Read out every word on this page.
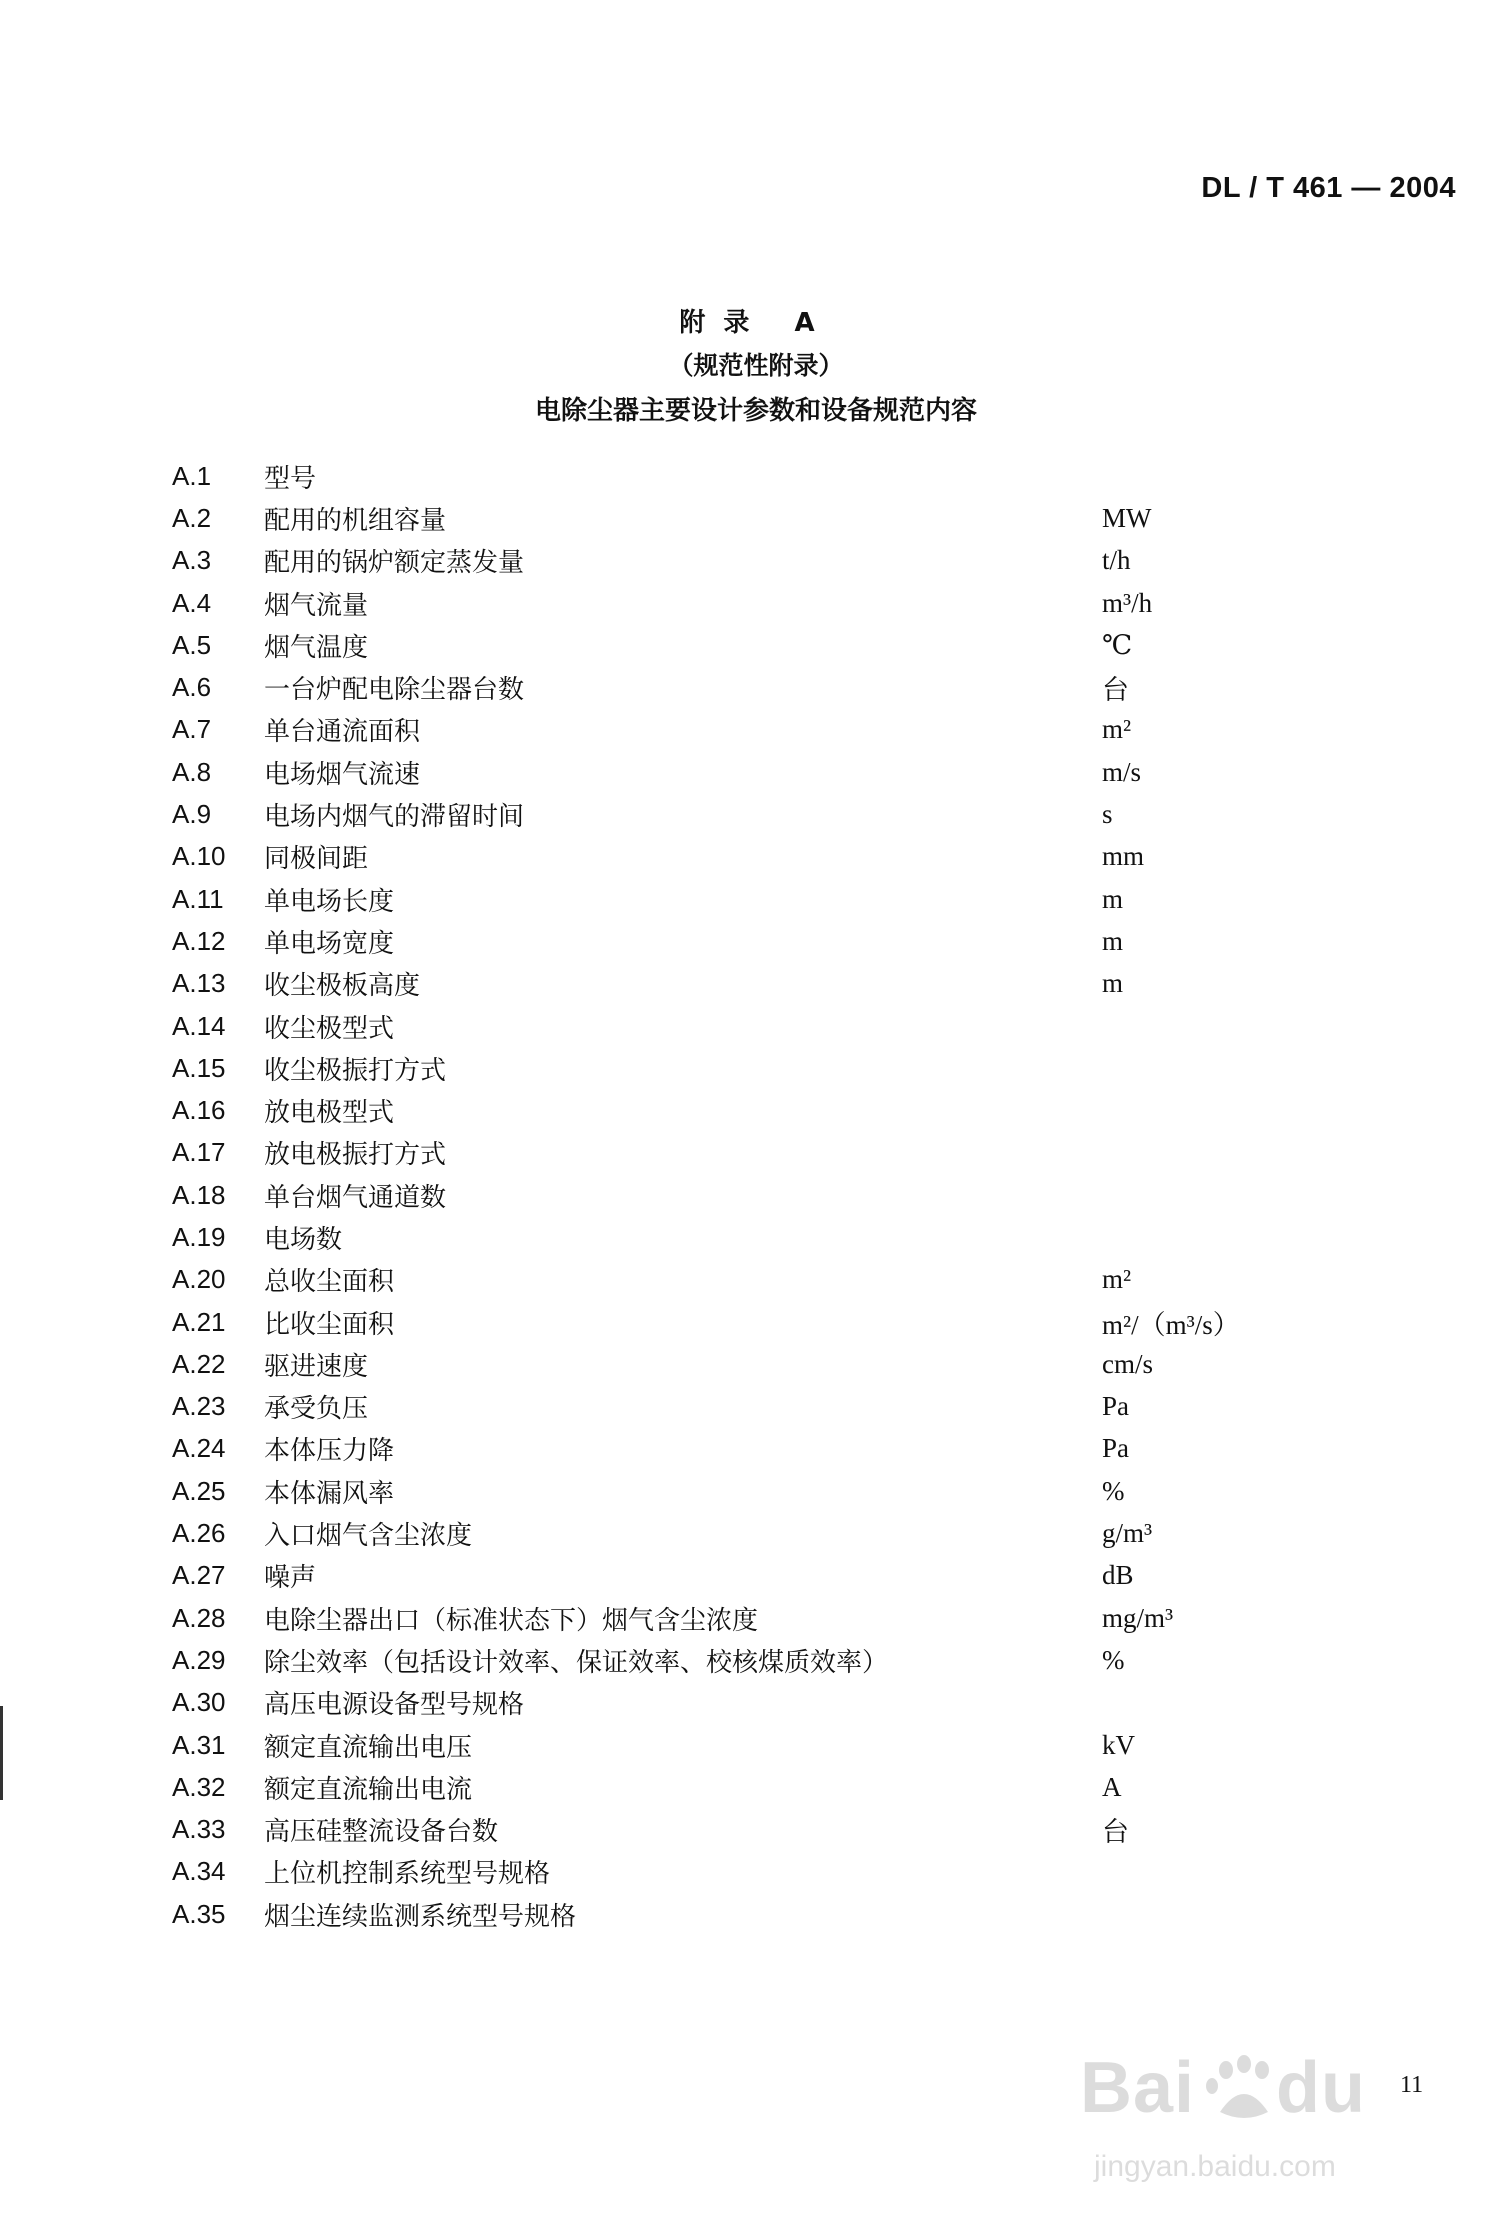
DL / T 461 — 2004
附录 A
（规范性附录）
电除尘器主要设计参数和设备规范内容
A.1	型号
A.2	配用的机组容量	MW
A.3	配用的锅炉额定蒸发量	t/h
A.4	烟气流量	m³/h
A.5	烟气温度	℃
A.6	一台炉配电除尘器台数	台
A.7	单台通流面积	m²
A.8	电场烟气流速	m/s
A.9	电场内烟气的滞留时间	s
A.10	同极间距	mm
A.11	单电场长度	m
A.12	单电场宽度	m
A.13	收尘极板高度	m
A.14	收尘极型式
A.15	收尘极振打方式
A.16	放电极型式
A.17	放电极振打方式
A.18	单台烟气通道数
A.19	电场数
A.20	总收尘面积	m²
A.21	比收尘面积	m²/（m³/s）
A.22	驱进速度	cm/s
A.23	承受负压	Pa
A.24	本体压力降	Pa
A.25	本体漏风率	%
A.26	入口烟气含尘浓度	g/m³
A.27	噪声	dB
A.28	电除尘器出口（标准状态下）烟气含尘浓度	mg/m³
A.29	除尘效率（包括设计效率、保证效率、校核煤质效率）	%
A.30	高压电源设备型号规格
A.31	额定直流输出电压	kV
A.32	额定直流输出电流	A
A.33	高压硅整流设备台数	台
A.34	上位机控制系统型号规格
A.35	烟尘连续监测系统型号规格
11
Bai du
jingyan.baidu.com
